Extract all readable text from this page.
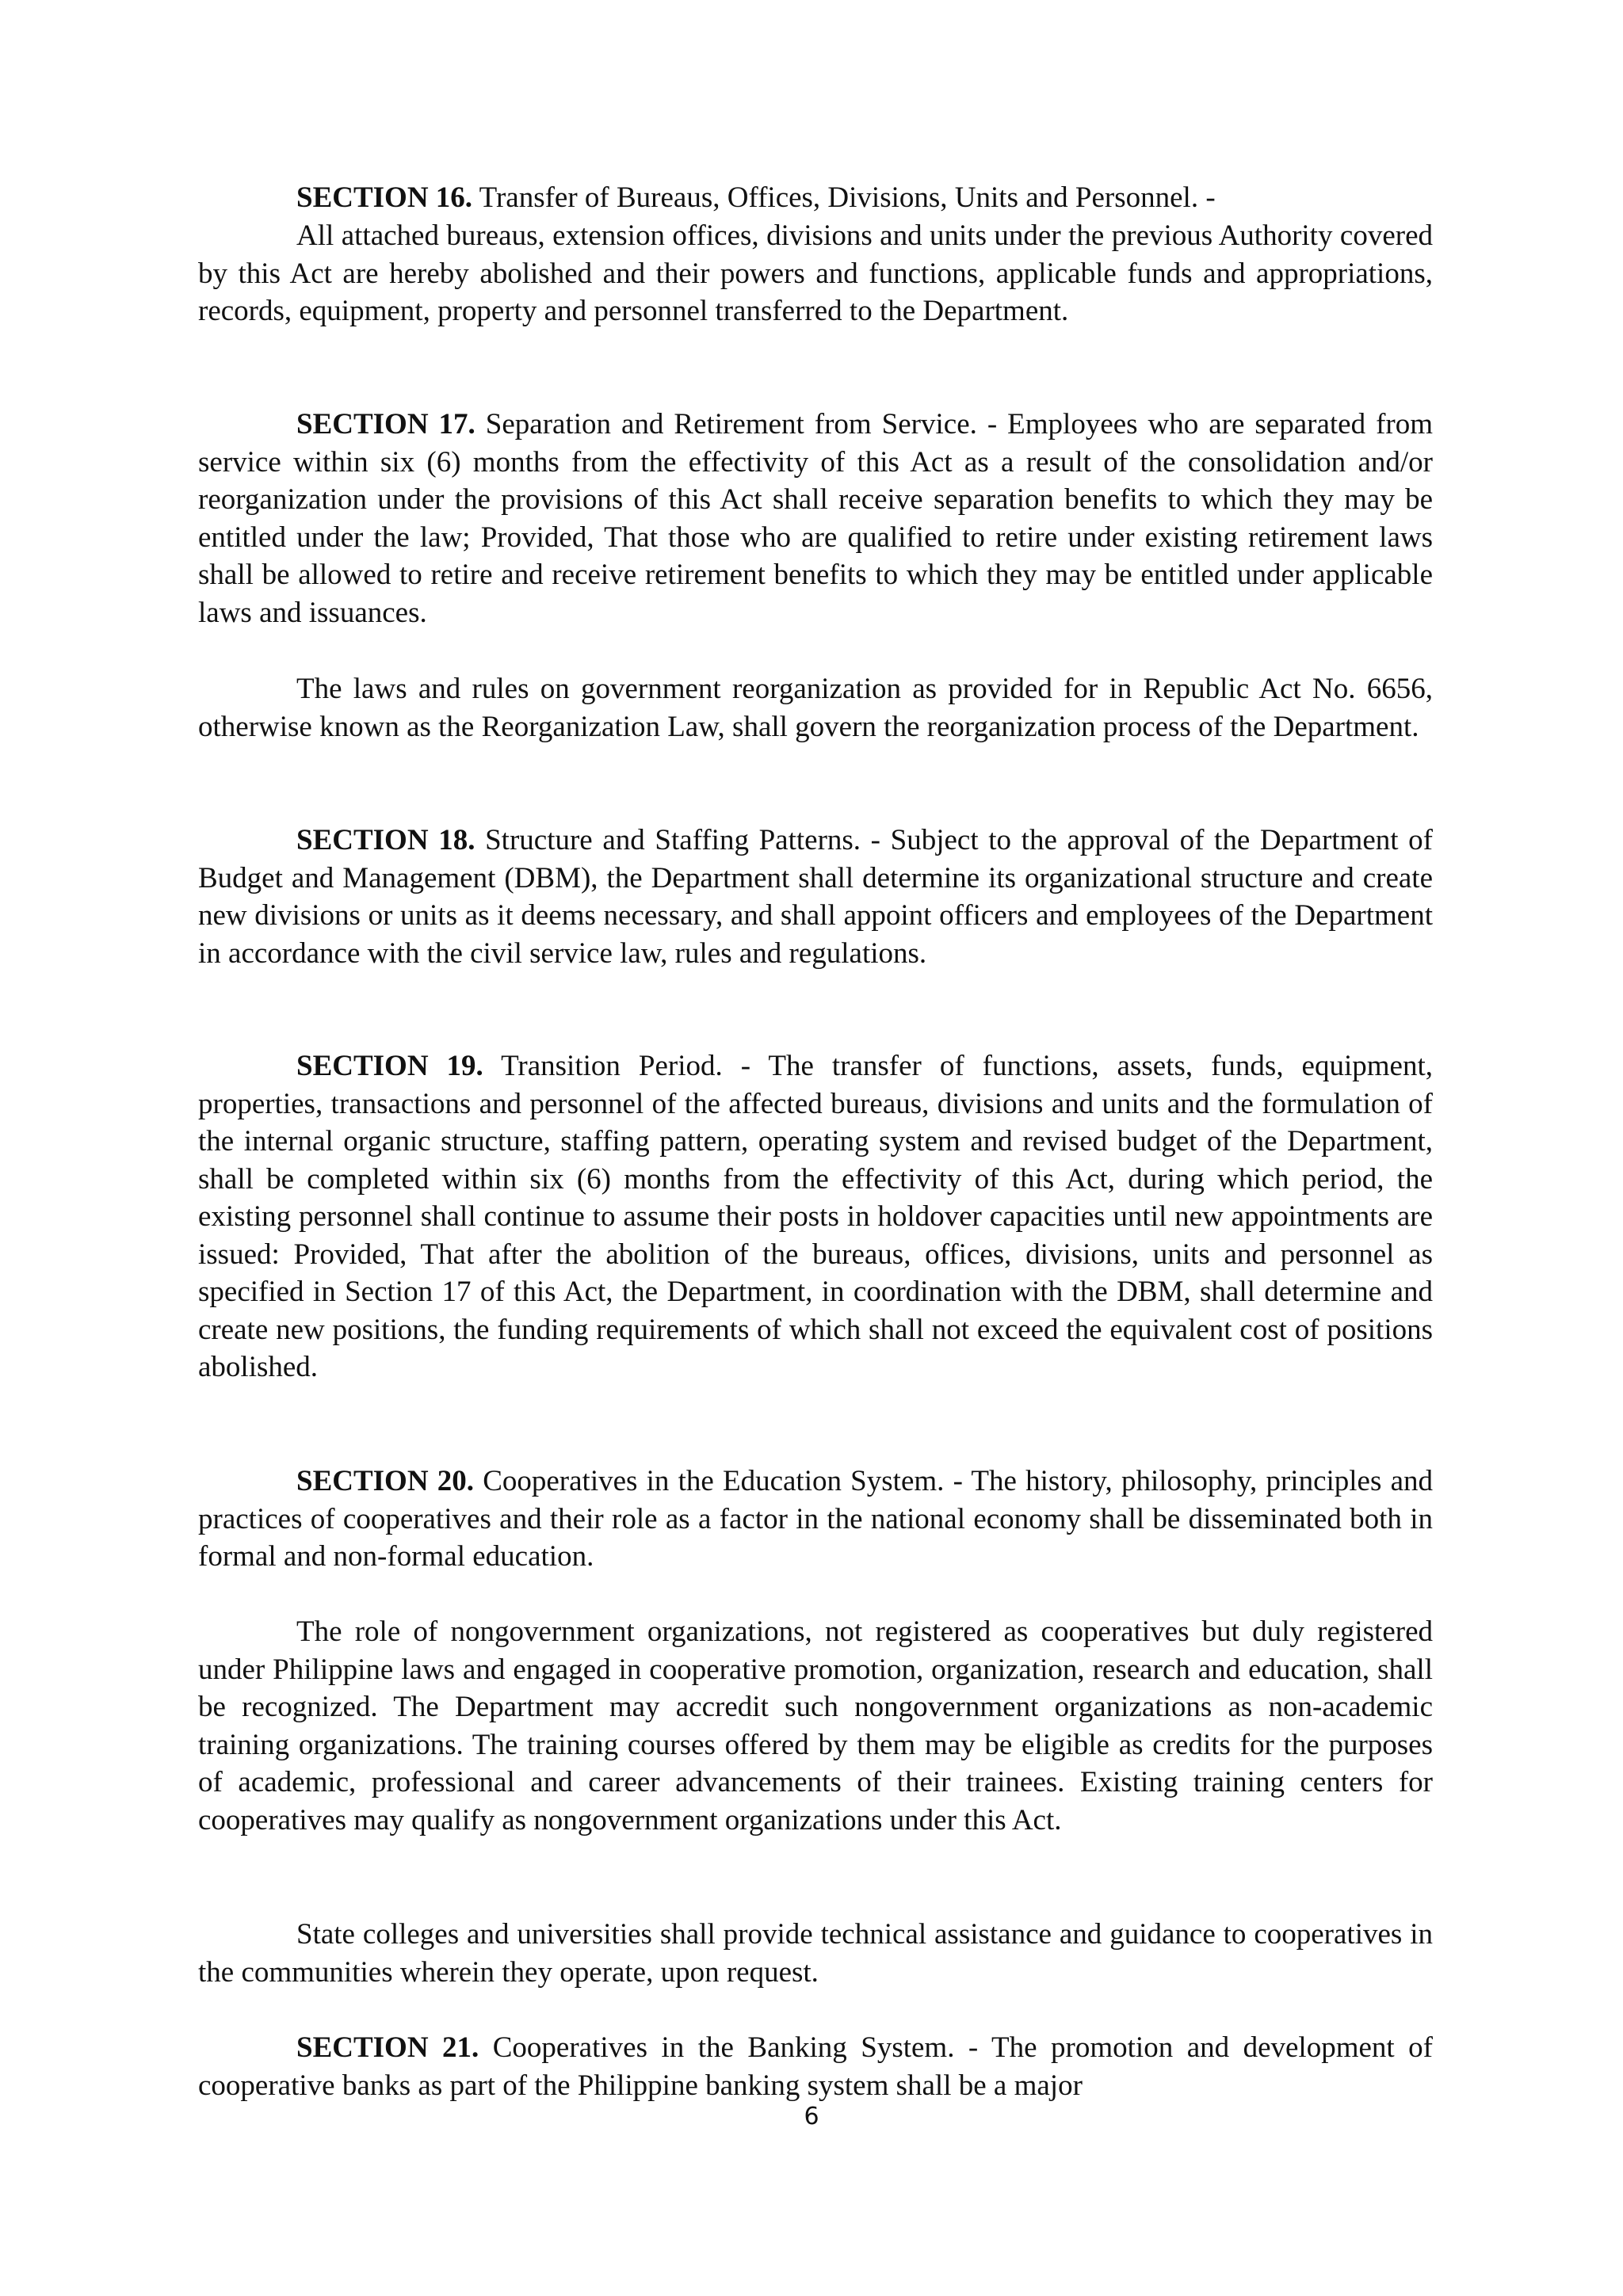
SECTION 16. Transfer of Bureaus, Offices, Divisions, Units and Personnel. -

All attached bureaus, extension offices, divisions and units under the previous Authority covered by this Act are hereby abolished and their powers and functions, applicable funds and appropriations, records, equipment, property and personnel transferred to the Department.

SECTION 17. Separation and Retirement from Service. - Employees who are separated from service within six (6) months from the effectivity of this Act as a result of the consolidation and/or reorganization under the provisions of this Act shall receive separation benefits to which they may be entitled under the law; Provided, That those who are qualified to retire under existing retirement laws shall be allowed to retire and receive retirement benefits to which they may be entitled under applicable laws and issuances.

The laws and rules on government reorganization as provided for in Republic Act No. 6656, otherwise known as the Reorganization Law, shall govern the reorganization process of the Department.

SECTION 18. Structure and Staffing Patterns. - Subject to the approval of the Department of Budget and Management (DBM), the Department shall determine its organizational structure and create new divisions or units as it deems necessary, and shall appoint officers and employees of the Department in accordance with the civil service law, rules and regulations.

SECTION 19. Transition Period. - The transfer of functions, assets, funds, equipment, properties, transactions and personnel of the affected bureaus, divisions and units and the formulation of the internal organic structure, staffing pattern, operating system and revised budget of the Department, shall be completed within six (6) months from the effectivity of this Act, during which period, the existing personnel shall continue to assume their posts in holdover capacities until new appointments are issued: Provided, That after the abolition of the bureaus, offices, divisions, units and personnel as specified in Section 17 of this Act, the Department, in coordination with the DBM, shall determine and create new positions, the funding requirements of which shall not exceed the equivalent cost of positions abolished.

SECTION 20. Cooperatives in the Education System. - The history, philosophy, principles and practices of cooperatives and their role as a factor in the national economy shall be disseminated both in formal and non-formal education.

The role of nongovernment organizations, not registered as cooperatives but duly registered under Philippine laws and engaged in cooperative promotion, organization, research and education, shall be recognized. The Department may accredit such nongovernment organizations as non-academic training organizations. The training courses offered by them may be eligible as credits for the purposes of academic, professional and career advancements of their trainees. Existing training centers for cooperatives may qualify as nongovernment organizations under this Act.

State colleges and universities shall provide technical assistance and guidance to cooperatives in the communities wherein they operate, upon request.

SECTION 21. Cooperatives in the Banking System. - The promotion and development of cooperative banks as part of the Philippine banking system shall be a major

6
